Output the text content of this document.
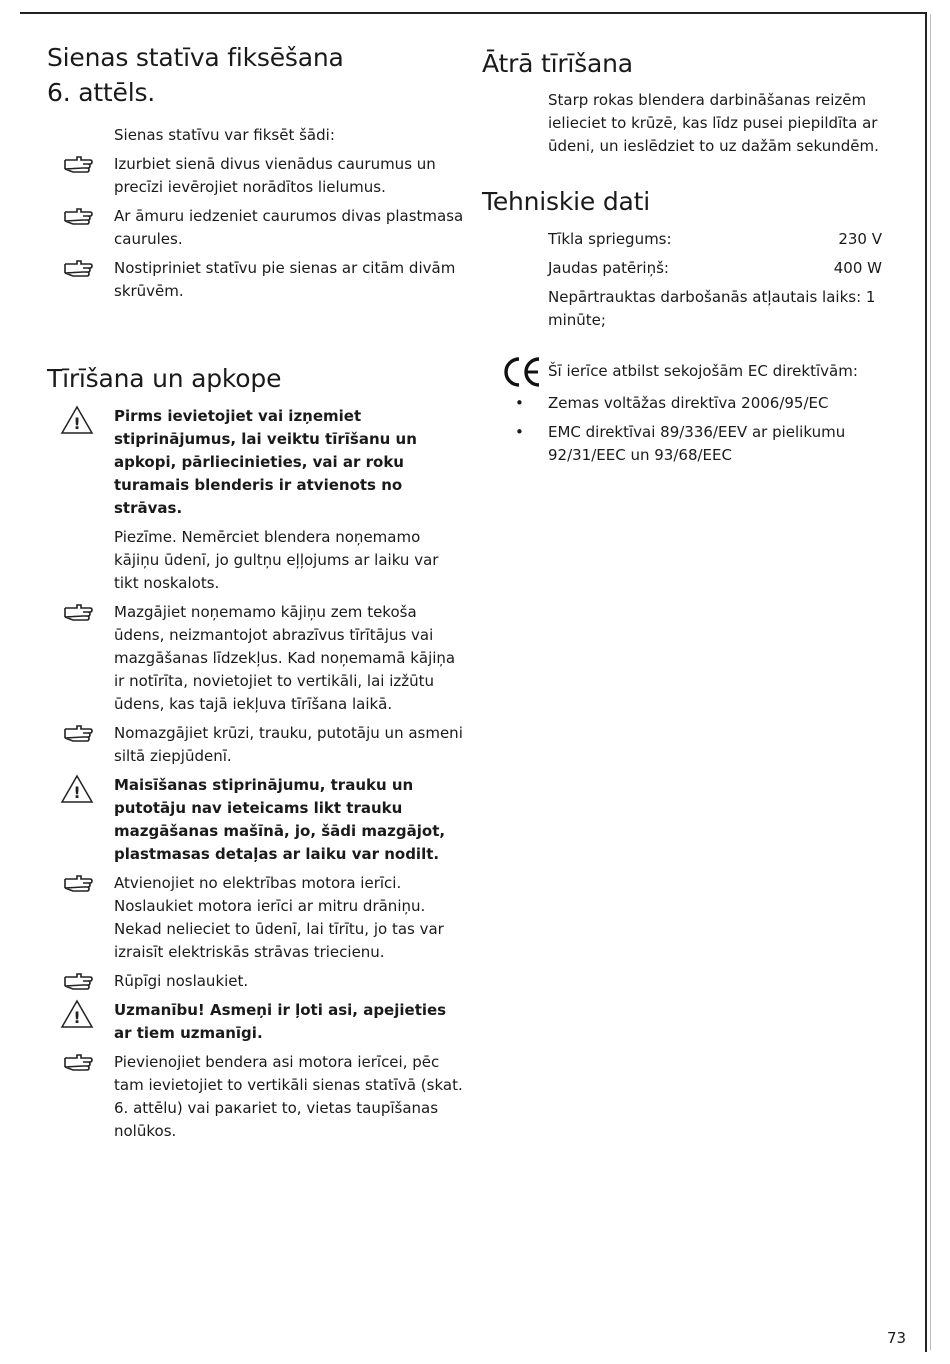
Sienas statīva fiksēšana
6. attēls.

Sienas statīvu var fiksēt šādi:

Izurbiet sienā divus vienādus caurumus un precīzi ievērojiet norādītos lielumus.
Ar āmuru iedzeniet caurumos divas plastmasa caurules.
Nostipriniet statīvu pie sienas ar citām divām skrūvēm.
Tīrīšana un apkope
! Pirms ievietojiet vai izņemiet stiprinājumus, lai veiktu tīrīšanu un apkopi, pārliecinieties, vai ar roku turamais blenderis ir atvienots no strāvas.

Piezīme. Nemērciet blendera noņemamo kājiņu ūdenī, jo gultņu eļļojums ar laiku var tikt noskalots.

Mazgājiet noņemamo kājiņu zem tekoša ūdens, neizmantojot abrazīvus tīrītājus vai mazgāšanas līdzekļus. Kad noņemamā kājiņa ir notīrīta, novietojiet to vertikāli, lai izžūtu ūdens, kas tajā iekļuva tīrīšana laikā.
Nomazgājiet krūzi, trauku, putotāju un asmeni siltā ziepjūdenī.
! Maisīšanas stiprinājumu, trauku un putotāju nav ieteicams likt trauku mazgāšanas mašīnā, jo, šādi mazgājot, plastmasas detaļas ar laiku var nodilt.
Atvienojiet no elektrības motora ierīci. Noslaukiet motora ierīci ar mitru drāniņu. Nekad nelieciet to ūdenī, lai tīrītu, jo tas var izraisīt elektriskās strāvas triecienu.
Rūpīgi noslaukiet.
! Uzmanību! Asmeņi ir ļoti asi, apejieties ar tiem uzmanīgi.
Pievienojiet bendera asi motora ierīcei, pēc tam ievietojiet to vertikāli sienas statīvā (skat. 6. attēlu) vai paкariet to, vietas taupīšanas nolūkos.
Ātrā tīrīšana

Starp rokas blendera darbināšanas reizēm ielieciet to krūzē, kas līdz pusei piepildīta ar ūdeni, un ieslēdziet to uz dažām sekundēm.

Tehniskie dati
Tīkla spriegums:	230 V
Jaudas patēriņš:	400 W

Nepārtrauktas darbošanās atļautais laiks: 1 minūte;

Šī ierīce atbilst sekojošām EC direktīvām:
•	Zemas voltāžas direktīva 2006/95/EC
•	EMC direktīvai 89/336/EEV ar pielikumu 92/31/EEC un 93/68/EEC
73
